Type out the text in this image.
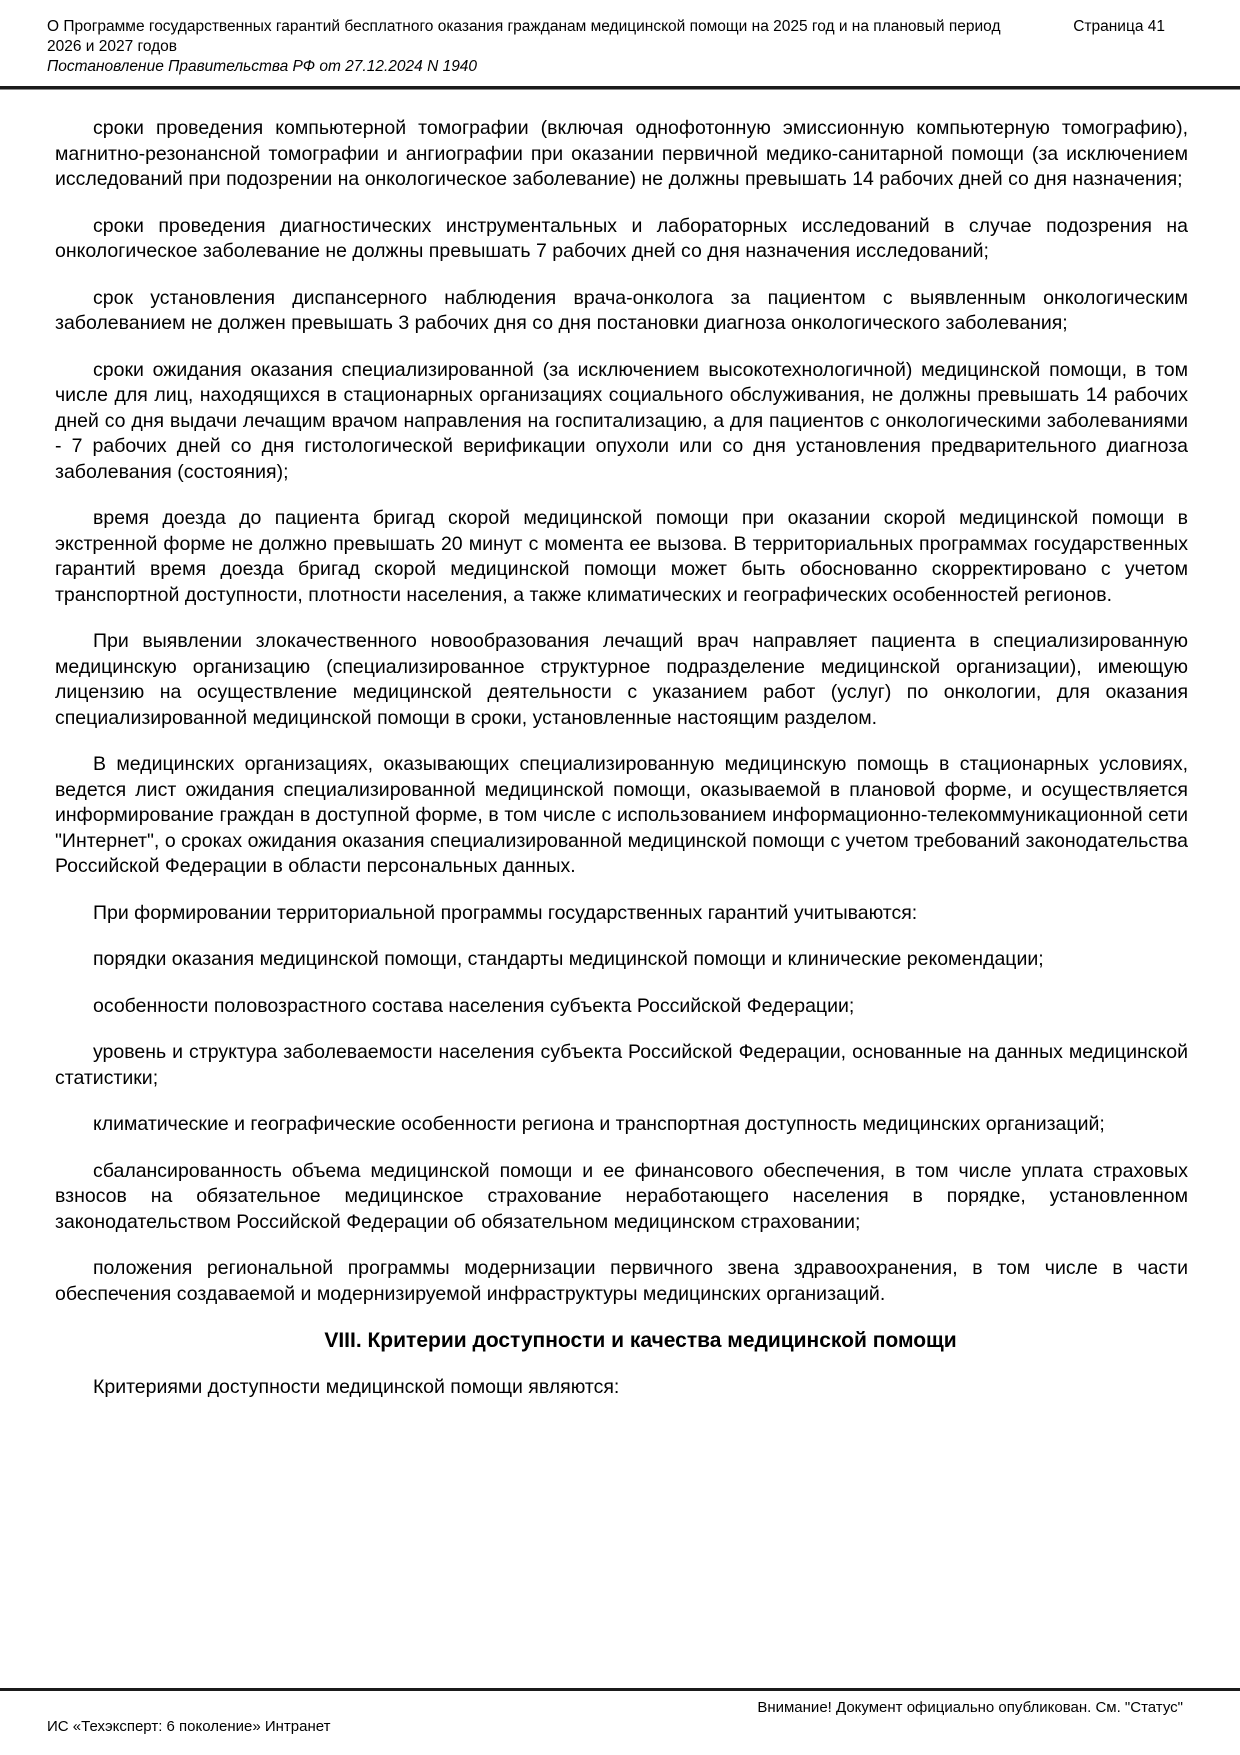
О Программе государственных гарантий бесплатного оказания гражданам медицинской помощи на 2025 год и на плановый период 2026 и 2027 годов
Страница 41
Постановление Правительства РФ от 27.12.2024 N 1940

сроки проведения компьютерной томографии (включая однофотонную эмиссионную компьютерную томографию), магнитно-резонансной томографии и ангиографии при оказании первичной медико-санитарной помощи (за исключением исследований при подозрении на онкологическое заболевание) не должны превышать 14 рабочих дней со дня назначения;

сроки проведения диагностических инструментальных и лабораторных исследований в случае подозрения на онкологическое заболевание не должны превышать 7 рабочих дней со дня назначения исследований;

срок установления диспансерного наблюдения врача-онколога за пациентом с выявленным онкологическим заболеванием не должен превышать 3 рабочих дня со дня постановки диагноза онкологического заболевания;

сроки ожидания оказания специализированной (за исключением высокотехнологичной) медицинской помощи, в том числе для лиц, находящихся в стационарных организациях социального обслуживания, не должны превышать 14 рабочих дней со дня выдачи лечащим врачом направления на госпитализацию, а для пациентов с онкологическими заболеваниями - 7 рабочих дней со дня гистологической верификации опухоли или со дня установления предварительного диагноза заболевания (состояния);

время доезда до пациента бригад скорой медицинской помощи при оказании скорой медицинской помощи в экстренной форме не должно превышать 20 минут с момента ее вызова. В территориальных программах государственных гарантий время доезда бригад скорой медицинской помощи может быть обоснованно скорректировано с учетом транспортной доступности, плотности населения, а также климатических и географических особенностей регионов.

При выявлении злокачественного новообразования лечащий врач направляет пациента в специализированную медицинскую организацию (специализированное структурное подразделение медицинской организации), имеющую лицензию на осуществление медицинской деятельности с указанием работ (услуг) по онкологии, для оказания специализированной медицинской помощи в сроки, установленные настоящим разделом.

В медицинских организациях, оказывающих специализированную медицинскую помощь в стационарных условиях, ведется лист ожидания специализированной медицинской помощи, оказываемой в плановой форме, и осуществляется информирование граждан в доступной форме, в том числе с использованием информационно-телекоммуникационной сети "Интернет", о сроках ожидания оказания специализированной медицинской помощи с учетом требований законодательства Российской Федерации в области персональных данных.

При формировании территориальной программы государственных гарантий учитываются:

порядки оказания медицинской помощи, стандарты медицинской помощи и клинические рекомендации;

особенности половозрастного состава населения субъекта Российской Федерации;

уровень и структура заболеваемости населения субъекта Российской Федерации, основанные на данных медицинской статистики;

климатические и географические особенности региона и транспортная доступность медицинских организаций;

сбалансированность объема медицинской помощи и ее финансового обеспечения, в том числе уплата страховых взносов на обязательное медицинское страхование неработающего населения в порядке, установленном законодательством Российской Федерации об обязательном медицинском страховании;

положения региональной программы модернизации первичного звена здравоохранения, в том числе в части обеспечения создаваемой и модернизируемой инфраструктуры медицинских организаций.

VIII. Критерии доступности и качества медицинской помощи

Критериями доступности медицинской помощи являются:

Внимание! Документ официально опубликован. См. "Статус"
ИС «Техэксперт: 6 поколение» Интранет
